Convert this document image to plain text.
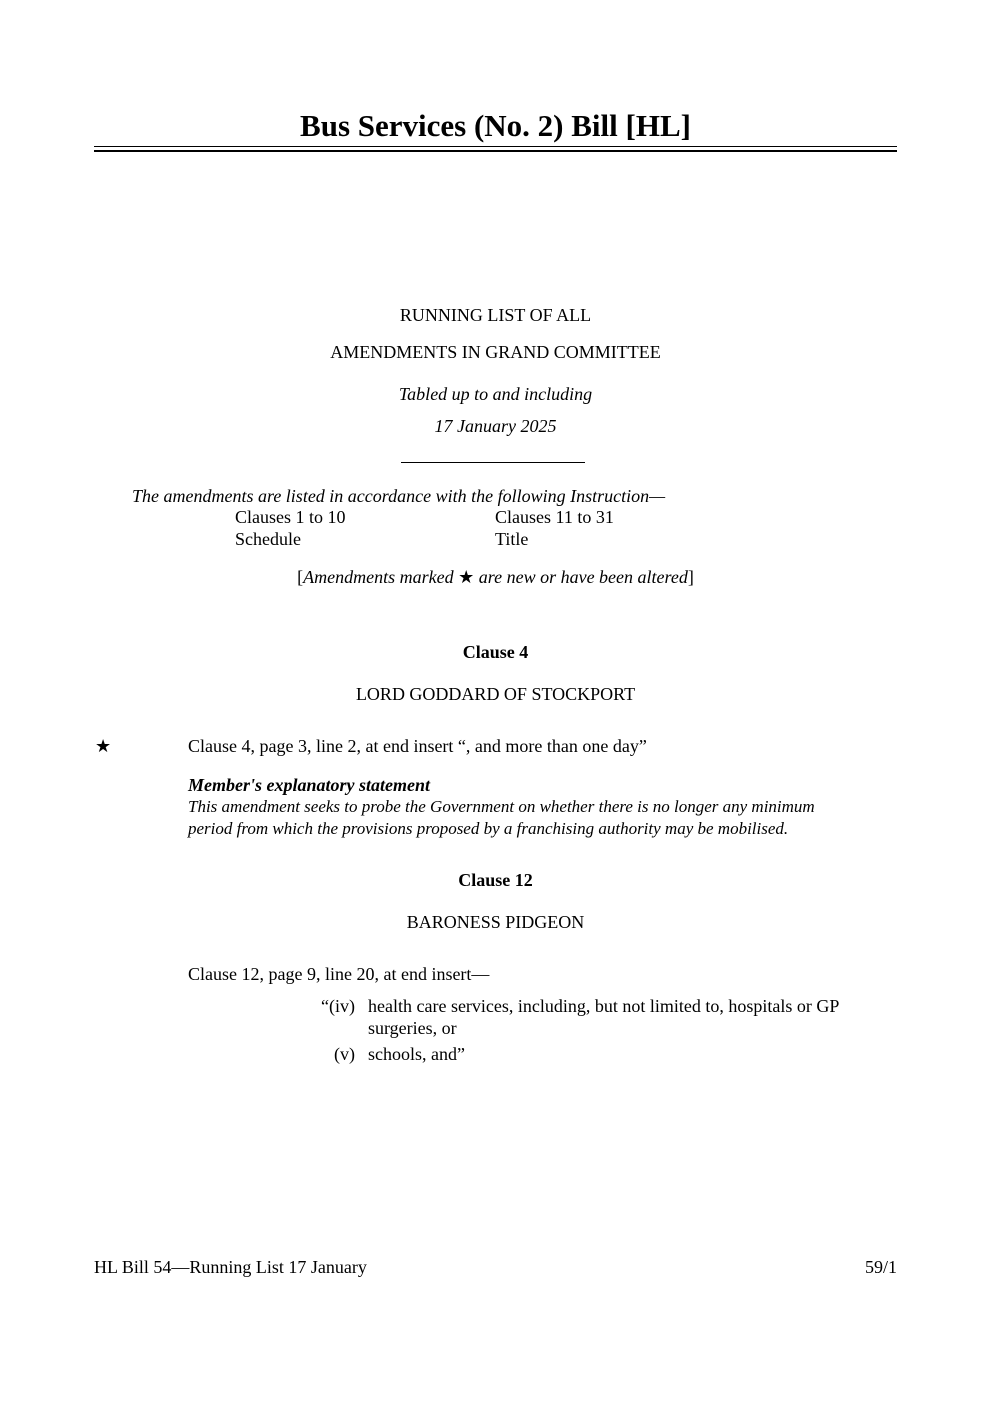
Bus Services (No. 2) Bill [HL]
RUNNING LIST OF ALL
AMENDMENTS IN GRAND COMMITTEE
Tabled up to and including
17 January 2025
The amendments are listed in accordance with the following Instruction—
Clauses 1 to 10	Clauses 11 to 31
Schedule	Title
[Amendments marked ★ are new or have been altered]
Clause 4
LORD GODDARD OF STOCKPORT
★	Clause 4, page 3, line 2, at end insert “, and more than one day”
Member's explanatory statement
This amendment seeks to probe the Government on whether there is no longer any minimum
period from which the provisions proposed by a franchising authority may be mobilised.
Clause 12
BARONESS PIDGEON
Clause 12, page 9, line 20, at end insert—
“(iv) health care services, including, but not limited to, hospitals or GP
surgeries, or
(v) schools, and”
HL Bill 54—Running List 17 January	59/1
